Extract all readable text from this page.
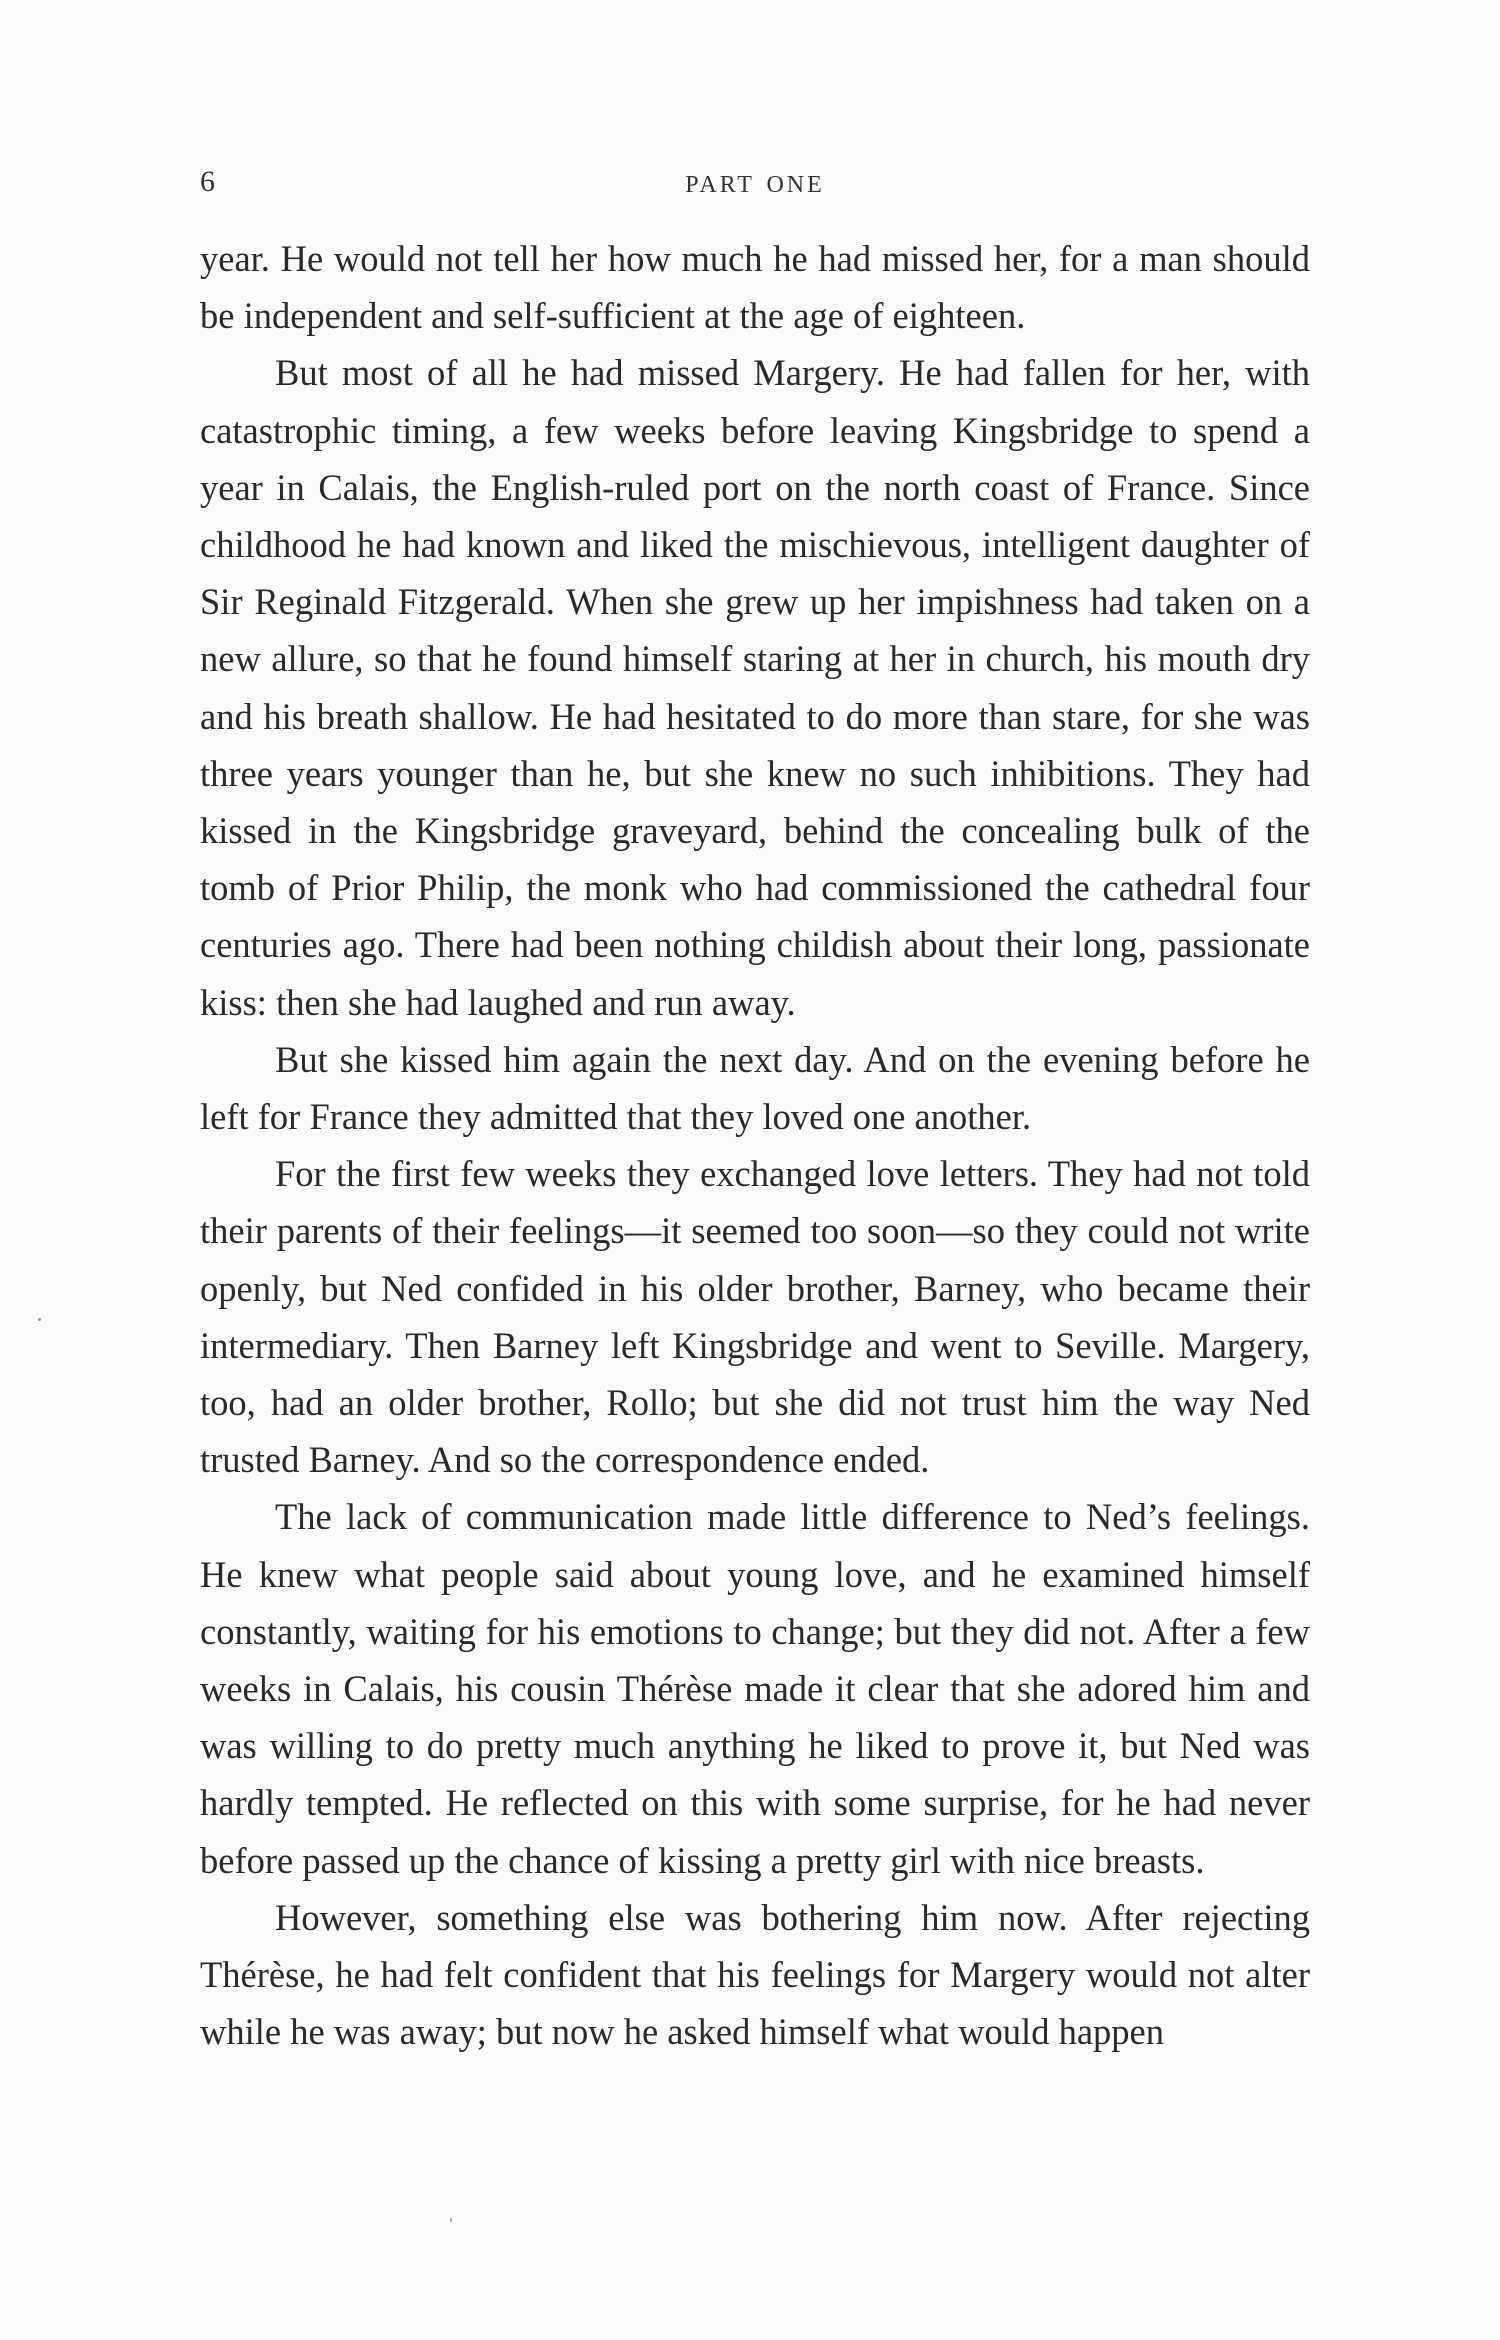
6	part one

year. He would not tell her how much he had missed her, for a man should be independent and self-sufficient at the age of eighteen.

But most of all he had missed Margery. He had fallen for her, with catastrophic timing, a few weeks before leaving Kingsbridge to spend a year in Calais, the English-ruled port on the north coast of France. Since childhood he had known and liked the mischievous, intelligent daughter of Sir Reginald Fitzgerald. When she grew up her impishness had taken on a new allure, so that he found himself staring at her in church, his mouth dry and his breath shallow. He had hesitated to do more than stare, for she was three years younger than he, but she knew no such inhibitions. They had kissed in the Kingsbridge graveyard, behind the concealing bulk of the tomb of Prior Philip, the monk who had commissioned the cathedral four centuries ago. There had been nothing childish about their long, passionate kiss: then she had laughed and run away.

But she kissed him again the next day. And on the evening before he left for France they admitted that they loved one another.

For the first few weeks they exchanged love letters. They had not told their parents of their feelings—it seemed too soon—so they could not write openly, but Ned confided in his older brother, Barney, who became their intermediary. Then Barney left Kingsbridge and went to Seville. Margery, too, had an older brother, Rollo; but she did not trust him the way Ned trusted Barney. And so the correspondence ended.

The lack of communication made little difference to Ned’s feelings. He knew what people said about young love, and he examined himself constantly, waiting for his emotions to change; but they did not. After a few weeks in Calais, his cousin Thérèse made it clear that she adored him and was willing to do pretty much anything he liked to prove it, but Ned was hardly tempted. He reflected on this with some surprise, for he had never before passed up the chance of kissing a pretty girl with nice breasts.

However, something else was bothering him now. After rejecting Thérèse, he had felt confident that his feelings for Margery would not alter while he was away; but now he asked himself what would happen
